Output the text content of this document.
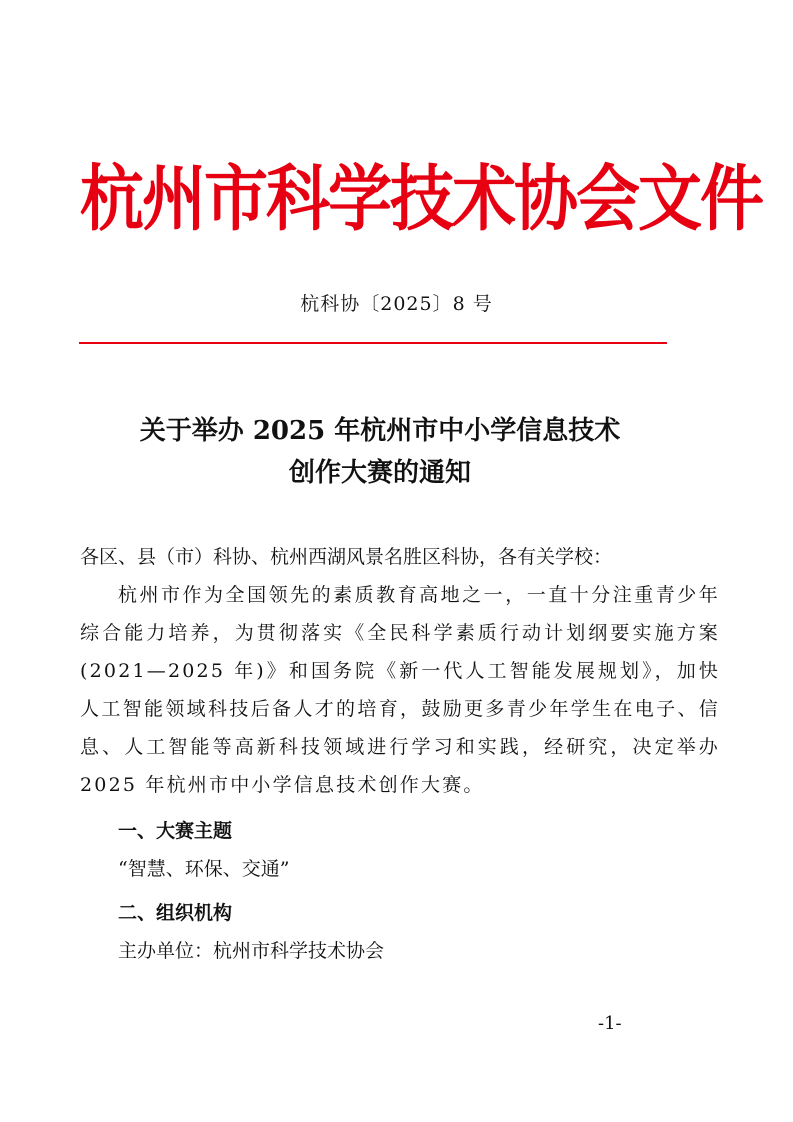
杭州市科学技术协会文件
杭科协〔2025〕8 号
关于举办 2025 年杭州市中小学信息技术
创作大赛的通知
各区、县（市）科协、杭州西湖风景名胜区科协，各有关学校：
杭州市作为全国领先的素质教育高地之一，一直十分注重青少年综合能力培养，为贯彻落实《全民科学素质行动计划纲要实施方案(2021—2025 年)》和国务院《新一代人工智能发展规划》，加快人工智能领域科技后备人才的培育，鼓励更多青少年学生在电子、信息、人工智能等高新科技领域进行学习和实践，经研究，决定举办 2025 年杭州市中小学信息技术创作大赛。
一、大赛主题
“智慧、环保、交通”
二、组织机构
主办单位：杭州市科学技术协会
-1-
